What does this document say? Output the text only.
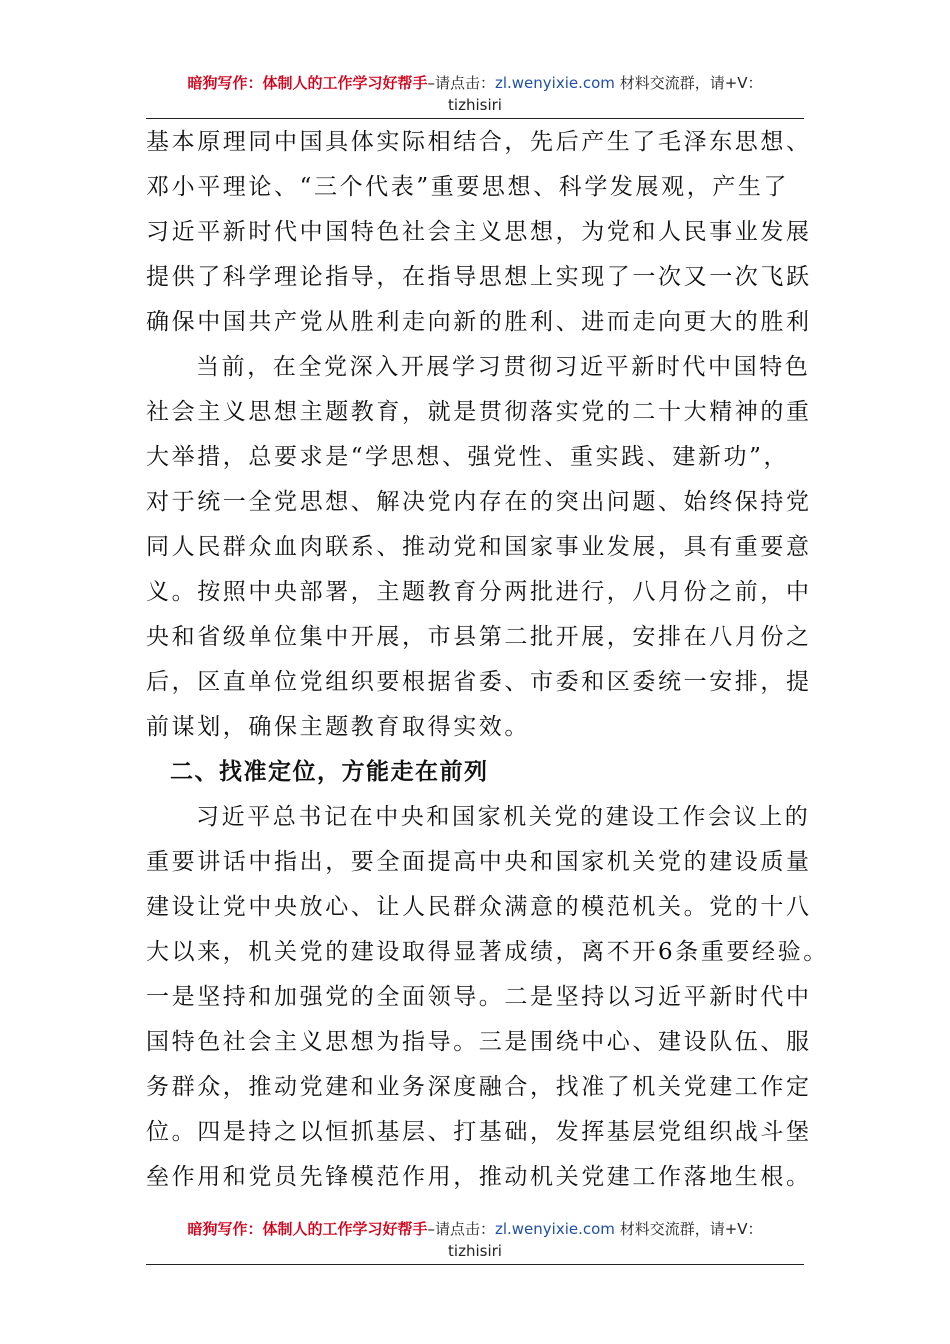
暗狗写作：体制人的工作学习好帮手–请点击：zl.wenyixie.com 材料交流群，请+V：
tizhisiri
基本原理同中国具体实际相结合，先后产生了毛泽东思想、
邓小平理论、“三个代表”重要思想、科学发展观，产生了
习近平新时代中国特色社会主义思想，为党和人民事业发展
提供了科学理论指导，在指导思想上实现了一次又一次飞跃
确保中国共产党从胜利走向新的胜利、进而走向更大的胜利
当前，在全党深入开展学习贯彻习近平新时代中国特色
社会主义思想主题教育，就是贯彻落实党的二十大精神的重
大举措，总要求是“学思想、强党性、重实践、建新功”，
对于统一全党思想、解决党内存在的突出问题、始终保持党
同人民群众血肉联系、推动党和国家事业发展，具有重要意
义。按照中央部署，主题教育分两批进行，八月份之前，中
央和省级单位集中开展，市县第二批开展，安排在八月份之
后，区直单位党组织要根据省委、市委和区委统一安排，提
前谋划，确保主题教育取得实效。
二、找准定位，方能走在前列
习近平总书记在中央和国家机关党的建设工作会议上的
重要讲话中指出，要全面提高中央和国家机关党的建设质量
建设让党中央放心、让人民群众满意的模范机关。党的十八
大以来，机关党的建设取得显著成绩，离不开6条重要经验。
一是坚持和加强党的全面领导。二是坚持以习近平新时代中
国特色社会主义思想为指导。三是围绕中心、建设队伍、服
务群众，推动党建和业务深度融合，找准了机关党建工作定
位。四是持之以恒抓基层、打基础，发挥基层党组织战斗堡
垒作用和党员先锋模范作用，推动机关党建工作落地生根。
暗狗写作：体制人的工作学习好帮手–请点击：zl.wenyixie.com 材料交流群，请+V：
tizhisiri
